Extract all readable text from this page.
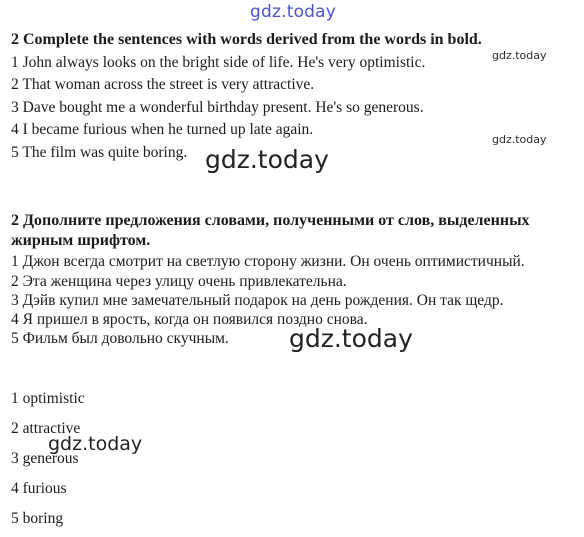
gdz.today
2 Complete the sentences with words derived from the words in bold.
1 John always looks on the bright side of life. He's very optimistic.
2 That woman across the street is very attractive.
3 Dave bought me a wonderful birthday present. He's so generous.
4 I became furious when he turned up late again.
5 The film was quite boring.
gdz.today
gdz.today
gdz.today
2 Дополните предложения словами, полученными от слов, выделенных
жирным шрифтом.
1 Джон всегда смотрит на светлую сторону жизни. Он очень оптимистичный.
2 Эта женщина через улицу очень привлекательна.
3 Дэйв купил мне замечательный подарок на день рождения. Он так щедр.
4 Я пришел в ярость, когда он появился поздно снова.
5 Фильм был довольно скучным. gdz.today
1 optimistic
2 attractive
gdz.today
3 generous
4 furious
5 boring
